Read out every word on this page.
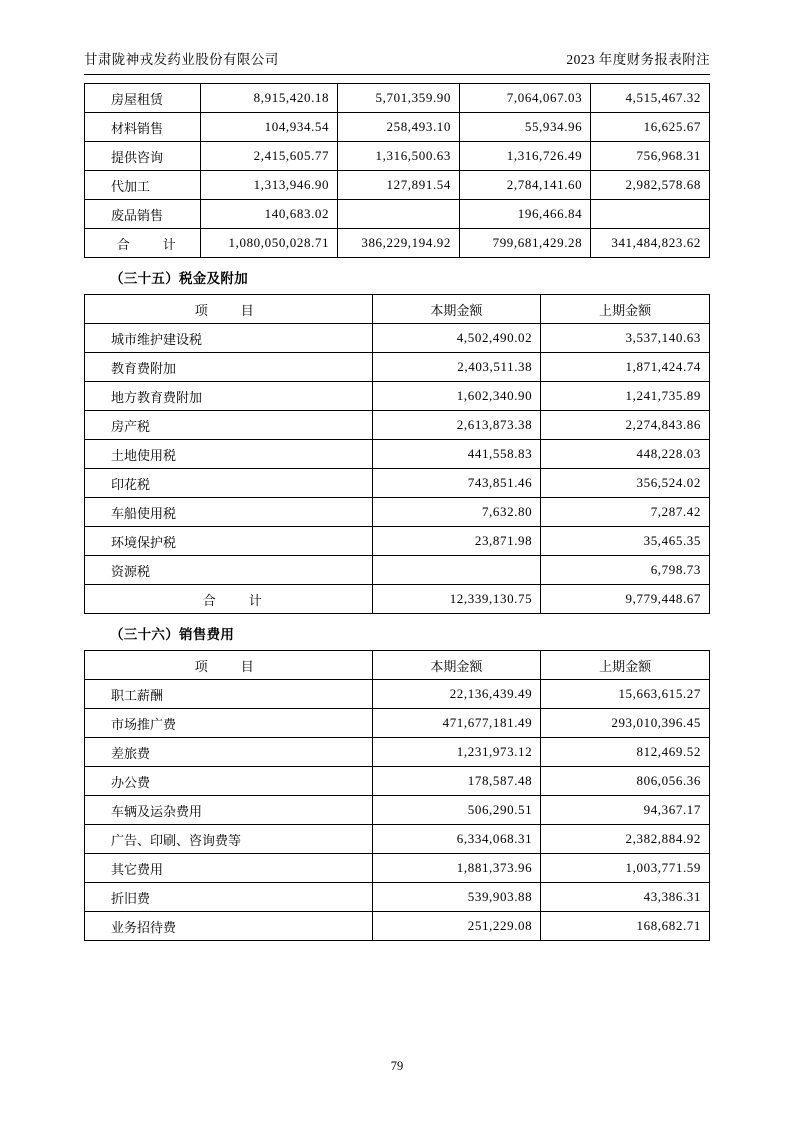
甘肃陇神戎发药业股份有限公司	2023 年度财务报表附注
房屋租赁	8,915,420.18	5,701,359.90	7,064,067.03	4,515,467.32
材料销售	104,934.54	258,493.10	55,934.96	16,625.67
提供咨询	2,415,605.77	1,316,500.63	1,316,726.49	756,968.31
代加工	1,313,946.90	127,891.54	2,784,141.60	2,982,578.68
废品销售	140,683.02		196,466.84	
合　计	1,080,050,028.71	386,229,194.92	799,681,429.28	341,484,823.62
（三十五）税金及附加
项　目	本期金额	上期金额
城市维护建设税	4,502,490.02	3,537,140.63
教育费附加	2,403,511.38	1,871,424.74
地方教育费附加	1,602,340.90	1,241,735.89
房产税	2,613,873.38	2,274,843.86
土地使用税	441,558.83	448,228.03
印花税	743,851.46	356,524.02
车船使用税	7,632.80	7,287.42
环境保护税	23,871.98	35,465.35
资源税		6,798.73
合　计	12,339,130.75	9,779,448.67
（三十六）销售费用
项　目	本期金额	上期金额
职工薪酬	22,136,439.49	15,663,615.27
市场推广费	471,677,181.49	293,010,396.45
差旅费	1,231,973.12	812,469.52
办公费	178,587.48	806,056.36
车辆及运杂费用	506,290.51	94,367.17
广告、印刷、咨询费等	6,334,068.31	2,382,884.92
其它费用	1,881,373.96	1,003,771.59
折旧费	539,903.88	43,386.31
业务招待费	251,229.08	168,682.71
79
